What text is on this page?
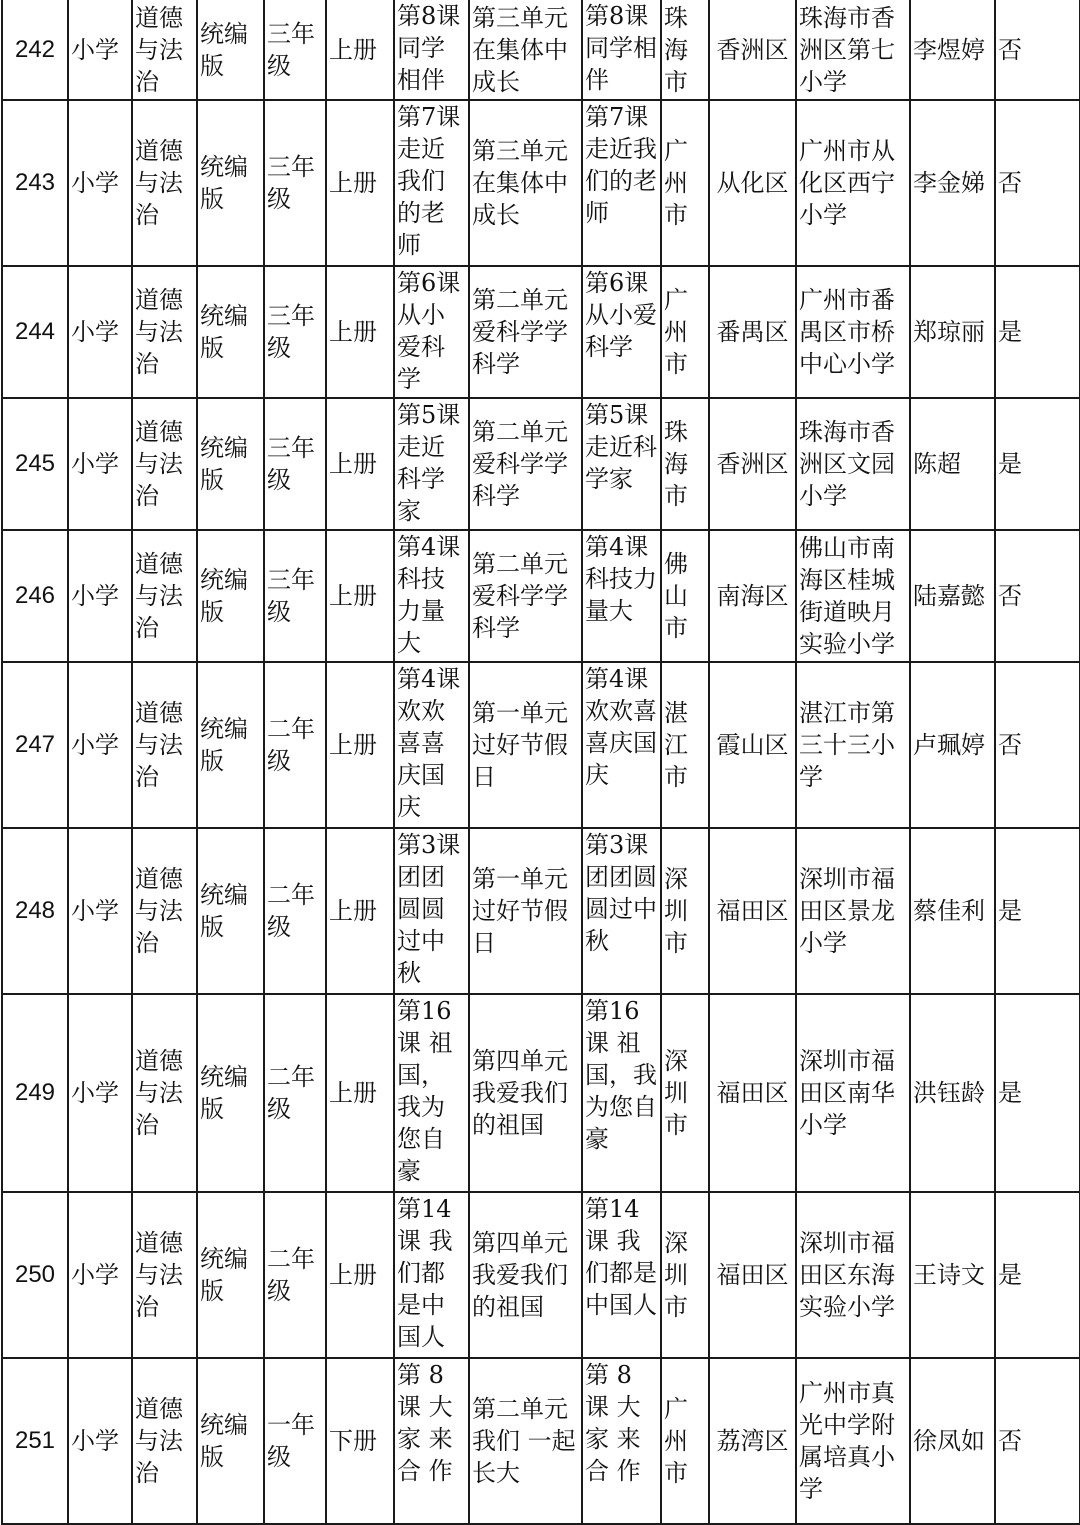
242	小学	道德与法治	统编版	三年级	上册	第8课同学相伴	第三单元在集体中成长	第8课同学相伴	珠海市	香洲区	珠海市香洲区第七小学	李煜婷	否
243	小学	道德与法治	统编版	三年级	上册	第7课走近我们的老师	第三单元在集体中成长	第7课走近我们的老师	广州市	从化区	广州市从化区西宁小学	李金娣	否
244	小学	道德与法治	统编版	三年级	上册	第6课从小爱科学	第二单元爱科学学科学	第6课从小爱科学	广州市	番禺区	广州市番禺区市桥中心小学	郑琼丽	是
245	小学	道德与法治	统编版	三年级	上册	第5课走近科学家	第二单元爱科学学科学	第5课走近科学家	珠海市	香洲区	珠海市香洲区文园小学	陈超	是
246	小学	道德与法治	统编版	三年级	上册	第4课科技力量大	第二单元爱科学学科学	第4课科技力量大	佛山市	南海区	佛山市南海区桂城街道映月实验小学	陆嘉懿	否
247	小学	道德与法治	统编版	二年级	上册	第4课欢欢喜喜庆国庆	第一单元过好节假日	第4课欢欢喜喜庆国庆	湛江市	霞山区	湛江市第三十三小学	卢珮婷	否
248	小学	道德与法治	统编版	二年级	上册	第3课团团圆圆过中秋	第一单元过好节假日	第3课团团圆圆过中秋	深圳市	福田区	深圳市福田区景龙小学	蔡佳利	是
249	小学	道德与法治	统编版	二年级	上册	第16课 祖国，我为您自豪	第四单元我爱我们的祖国	第16课 祖国，我为您自豪	深圳市	福田区	深圳市福田区南华小学	洪钰龄	是
250	小学	道德与法治	统编版	二年级	上册	第14课 我们都是中国人	第四单元我爱我们的祖国	第14课 我们都是中国人	深圳市	福田区	深圳市福田区东海实验小学	王诗文	是
251	小学	道德与法治	统编版	一年级	下册	第 8 课 大 家 来 合 作	第二单元 我们 一起长大	第 8 课 大 家 来 合 作	广州市	荔湾区	广州市真光中学附属培真小学	徐凤如	否
